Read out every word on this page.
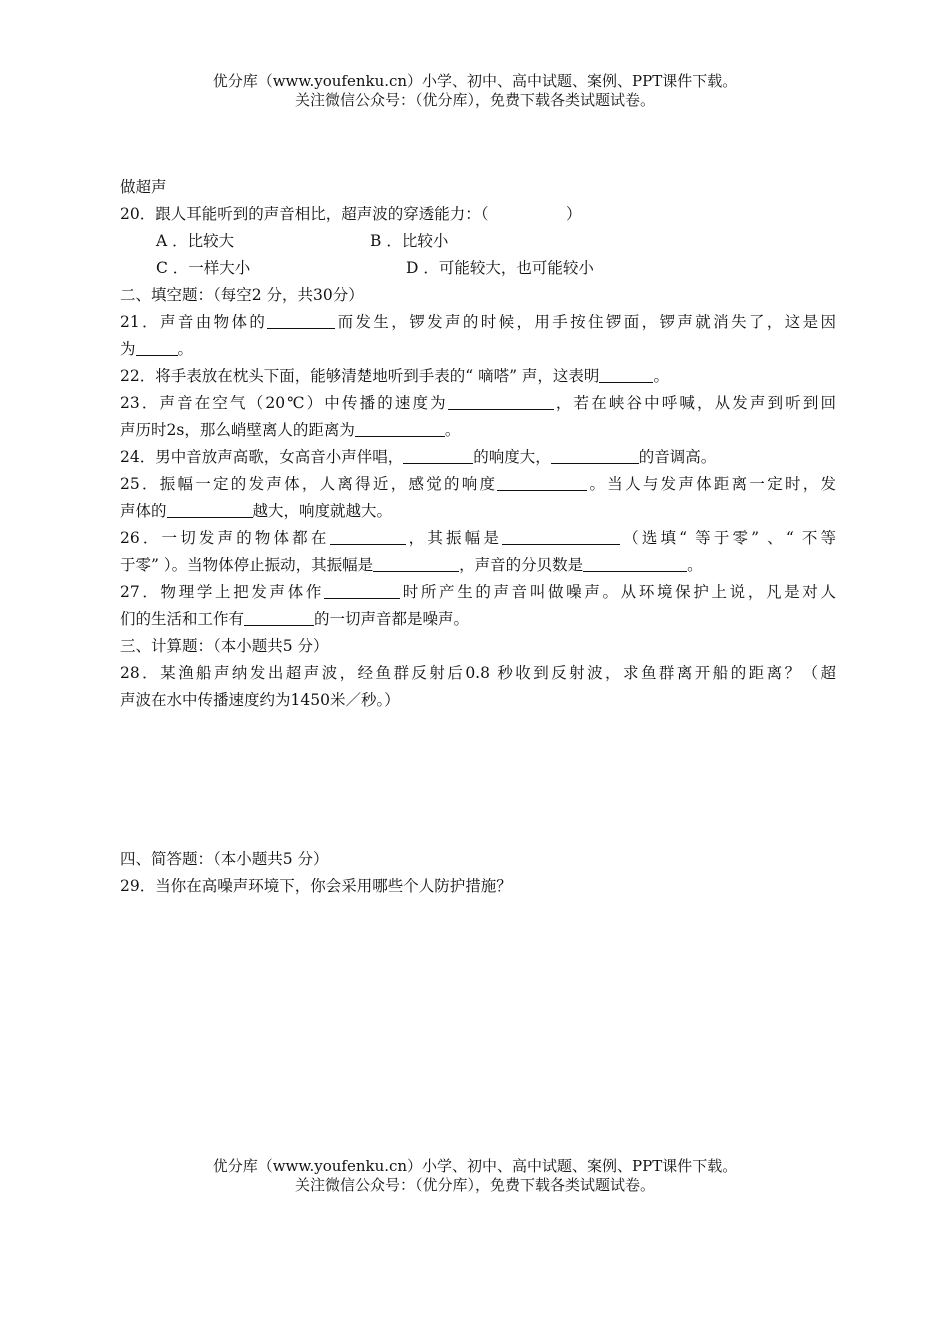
优分库（www.youfenku.cn）小学、初中、高中试题、案例、PPT课件下载。
关注微信公众号：（优分库），免费下载各类试题试卷。
做超声
20．跟人耳能听到的声音相比，超声波的穿透能力：（　　　　　）
A ．比较大	B ．比较小
C ．一样大小	D ．可能较大，也可能较小
二、填空题：（每空2 分，共30分）
21．声音由物体的	而发生，锣发声的时候，用手按住锣面，锣声就消失了，这是因
为	。
22．将手表放在枕头下面，能够清楚地听到手表的“ 嘀嗒” 声，这表明	。
23．声音在空气（20℃）中传播的速度为	，若在峡谷中呼喊，从发声到听到回
声历时2s，那么峭壁离人的距离为	。
24．男中音放声高歌，女高音小声伴唱，	的响度大，	的音调高。
25．振幅一定的发声体，人离得近，感觉的响度	。当人与发声体距离一定时，发
声体的	越大，响度就越大。
26．一切发声的物体都在	，其振幅是	（选填“ 等于零” 、“ 不等
于零” ）。当物体停止振动，其振幅是	，声音的分贝数是	。
27．物理学上把发声体作	时所产生的声音叫做噪声。从环境保护上说，凡是对人
们的生活和工作有	的一切声音都是噪声。
三、计算题：（本小题共5 分）
28．某渔船声纳发出超声波，经鱼群反射后0.8 秒收到反射波，求鱼群离开船的距离？（超
声波在水中传播速度约为1450米／秒。）
四、简答题：（本小题共5 分）
29．当你在高噪声环境下，你会采用哪些个人防护措施？
优分库（www.youfenku.cn）小学、初中、高中试题、案例、PPT课件下载。
关注微信公众号：（优分库），免费下载各类试题试卷。
